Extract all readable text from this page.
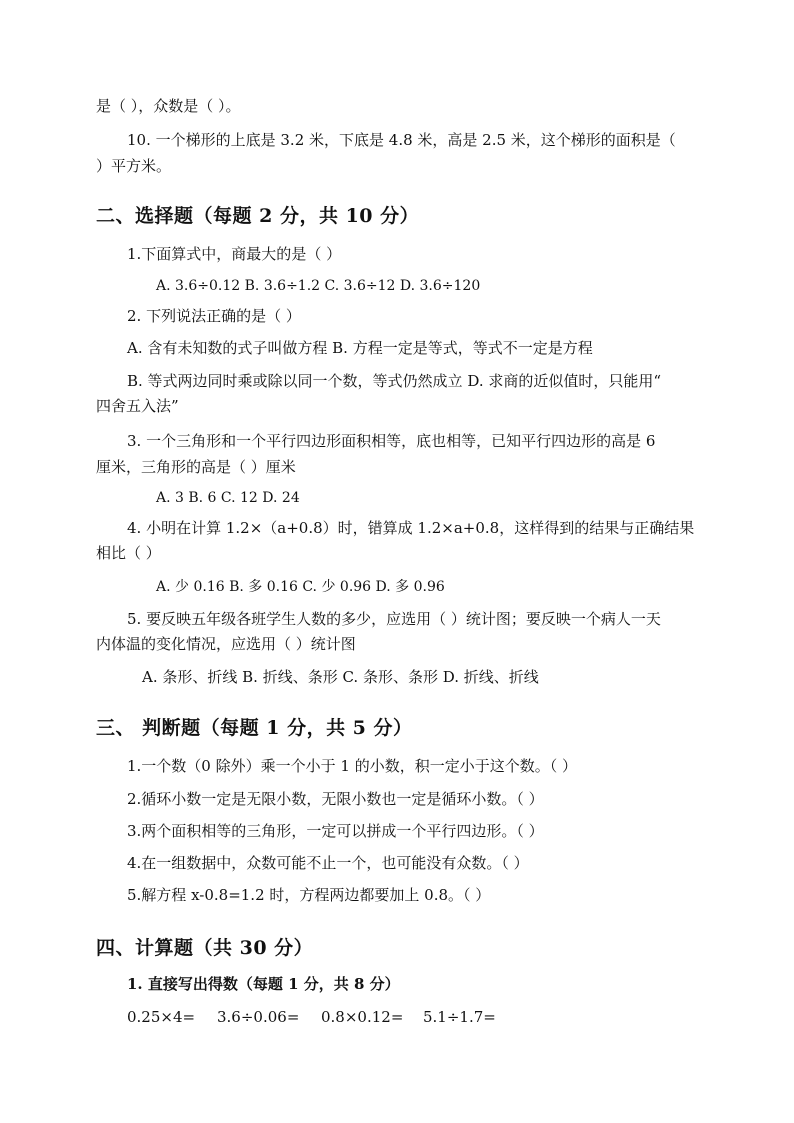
是（ ），众数是（ ）。

10. 一个梯形的上底是 3.2 米，下底是 4.8 米，高是 2.5 米，这个梯形的面积是（

）平方米。

二、选择题（每题 2 分，共 10 分）

1.下面算式中，商最大的是（ ）

A. 3.6÷0.12 B. 3.6÷1.2 C. 3.6÷12 D. 3.6÷120

2. 下列说法正确的是（ ）

A. 含有未知数的式子叫做方程 B. 方程一定是等式，等式不一定是方程

B. 等式两边同时乘或除以同一个数，等式仍然成立 D. 求商的近似值时，只能用“

四舍五入法”

3. 一个三角形和一个平行四边形面积相等，底也相等，已知平行四边形的高是 6

厘米，三角形的高是（ ）厘米

A. 3 B. 6 C. 12 D. 24

4. 小明在计算 1.2×（a+0.8）时，错算成 1.2×a+0.8，这样得到的结果与正确结果

相比（ ）

A. 少 0.16 B. 多 0.16 C. 少 0.96 D. 多 0.96

5. 要反映五年级各班学生人数的多少，应选用（ ）统计图；要反映一个病人一天

内体温的变化情况，应选用（ ）统计图

A. 条形、折线 B. 折线、条形 C. 条形、条形 D. 折线、折线

三、 判断题（每题 1 分，共 5 分）

1.一个数（0 除外）乘一个小于 1 的小数，积一定小于这个数。（ ）

2.循环小数一定是无限小数，无限小数也一定是循环小数。（ ）

3.两个面积相等的三角形，一定可以拼成一个平行四边形。（ ）

4.在一组数据中，众数可能不止一个，也可能没有众数。（ ）

5.解方程 x-0.8=1.2 时，方程两边都要加上 0.8。（ ）

四、计算题（共 30 分）

1. 直接写出得数（每题 1 分，共 8 分）

0.25×4= 3.6÷0.06= 0.8×0.12= 5.1÷1.7=
